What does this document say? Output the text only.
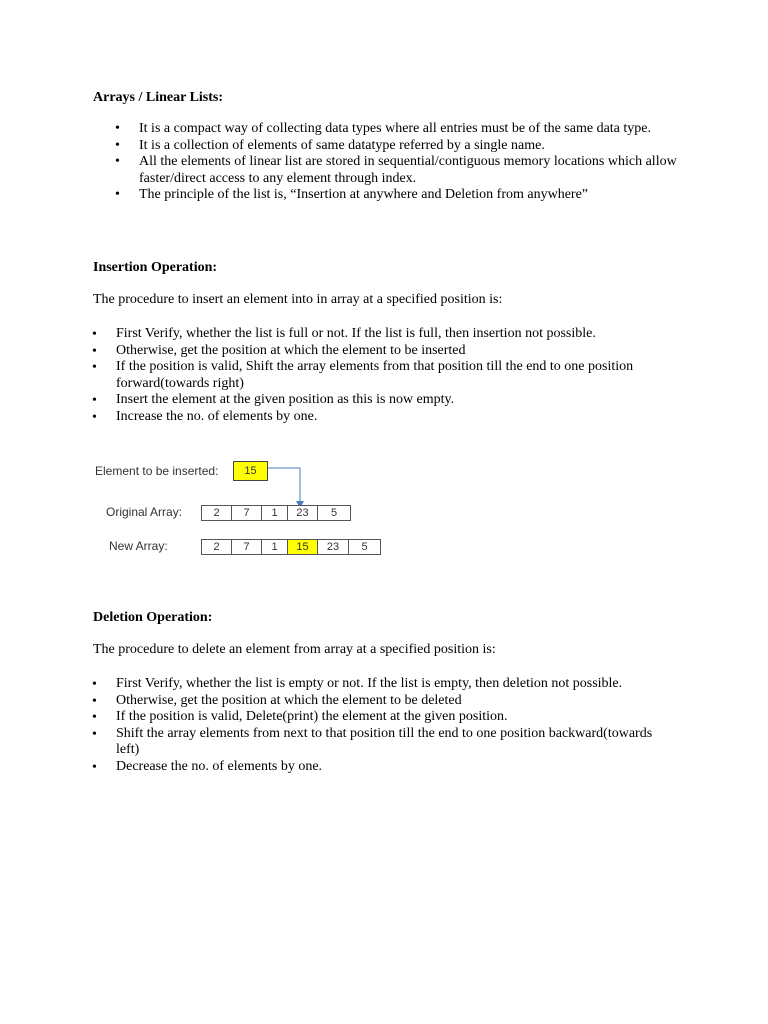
Arrays / Linear Lists:
• It is a compact way of collecting data types where all entries must be of the same data type.
• It is a collection of elements of same datatype referred by a single name.
• All the elements of linear list are stored in sequential/contiguous memory locations which allow faster/direct access to any element through index.
• The principle of the list is, “Insertion at anywhere and Deletion from anywhere”
Insertion Operation:

The procedure to insert an element into in array at a specified position is:

• First Verify, whether the list is full or not. If the list is full, then insertion not possible.
• Otherwise, get the position at which the element to be inserted
• If the position is valid, Shift the array elements from that position till the end to one position forward(towards right)
• Insert the element at the given position as this is now empty.
• Increase the no. of elements by one.
Element to be inserted:	15
Original Array:	2	7	1	23	5
New Array:	2	7	1	15	23	5
Deletion Operation:

The procedure to delete an element from array at a specified position is:

• First Verify, whether the list is empty or not. If the list is empty, then deletion not possible.
• Otherwise, get the position at which the element to be deleted
• If the position is valid, Delete(print) the element at the given position.
• Shift the array elements from next to that position till the end to one position backward(towards left)
• Decrease the no. of elements by one.
